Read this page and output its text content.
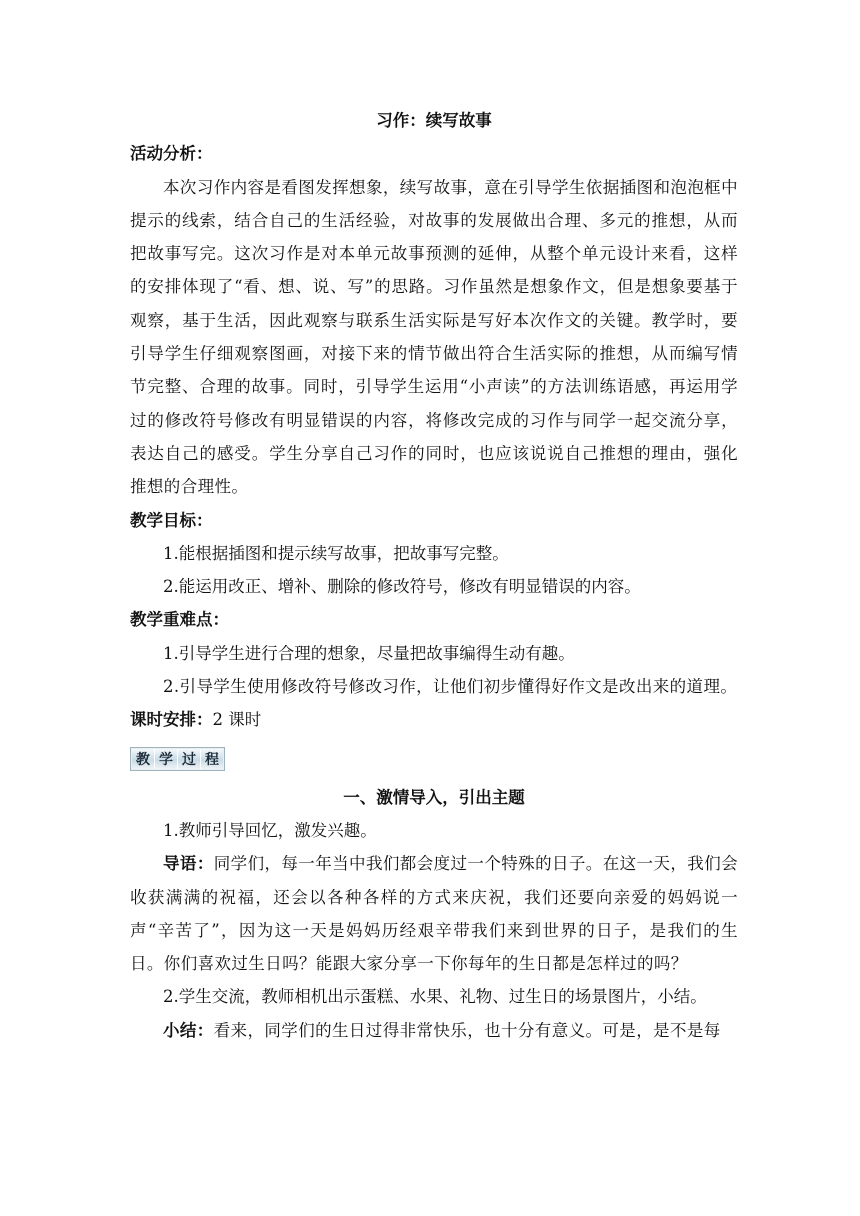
习作：续写故事
活动分析：
本次习作内容是看图发挥想象，续写故事，意在引导学生依据插图和泡泡框中提示的线索，结合自己的生活经验，对故事的发展做出合理、多元的推想，从而把故事写完。这次习作是对本单元故事预测的延伸，从整个单元设计来看，这样的安排体现了“看、想、说、写”的思路。习作虽然是想象作文，但是想象要基于观察，基于生活，因此观察与联系生活实际是写好本次作文的关键。教学时，要引导学生仔细观察图画，对接下来的情节做出符合生活实际的推想，从而编写情节完整、合理的故事。同时，引导学生运用“小声读”的方法训练语感，再运用学过的修改符号修改有明显错误的内容，将修改完成的习作与同学一起交流分享，表达自己的感受。学生分享自己习作的同时，也应该说说自己推想的理由，强化推想的合理性。
教学目标：
1.能根据插图和提示续写故事，把故事写完整。
2.能运用改正、增补、删除的修改符号，修改有明显错误的内容。
教学重难点：
1.引导学生进行合理的想象，尽量把故事编得生动有趣。
2.引导学生使用修改符号修改习作，让他们初步懂得好作文是改出来的道理。
课时安排：2 课时
教 学 过 程
一、激情导入，引出主题
1.教师引导回忆，激发兴趣。
导语：同学们，每一年当中我们都会度过一个特殊的日子。在这一天，我们会收获满满的祝福，还会以各种各样的方式来庆祝，我们还要向亲爱的妈妈说一声“辛苦了”，因为这一天是妈妈历经艰辛带我们来到世界的日子，是我们的生日。你们喜欢过生日吗？能跟大家分享一下你每年的生日都是怎样过的吗？
2.学生交流，教师相机出示蛋糕、水果、礼物、过生日的场景图片，小结。
小结：看来，同学们的生日过得非常快乐，也十分有意义。可是，是不是每
